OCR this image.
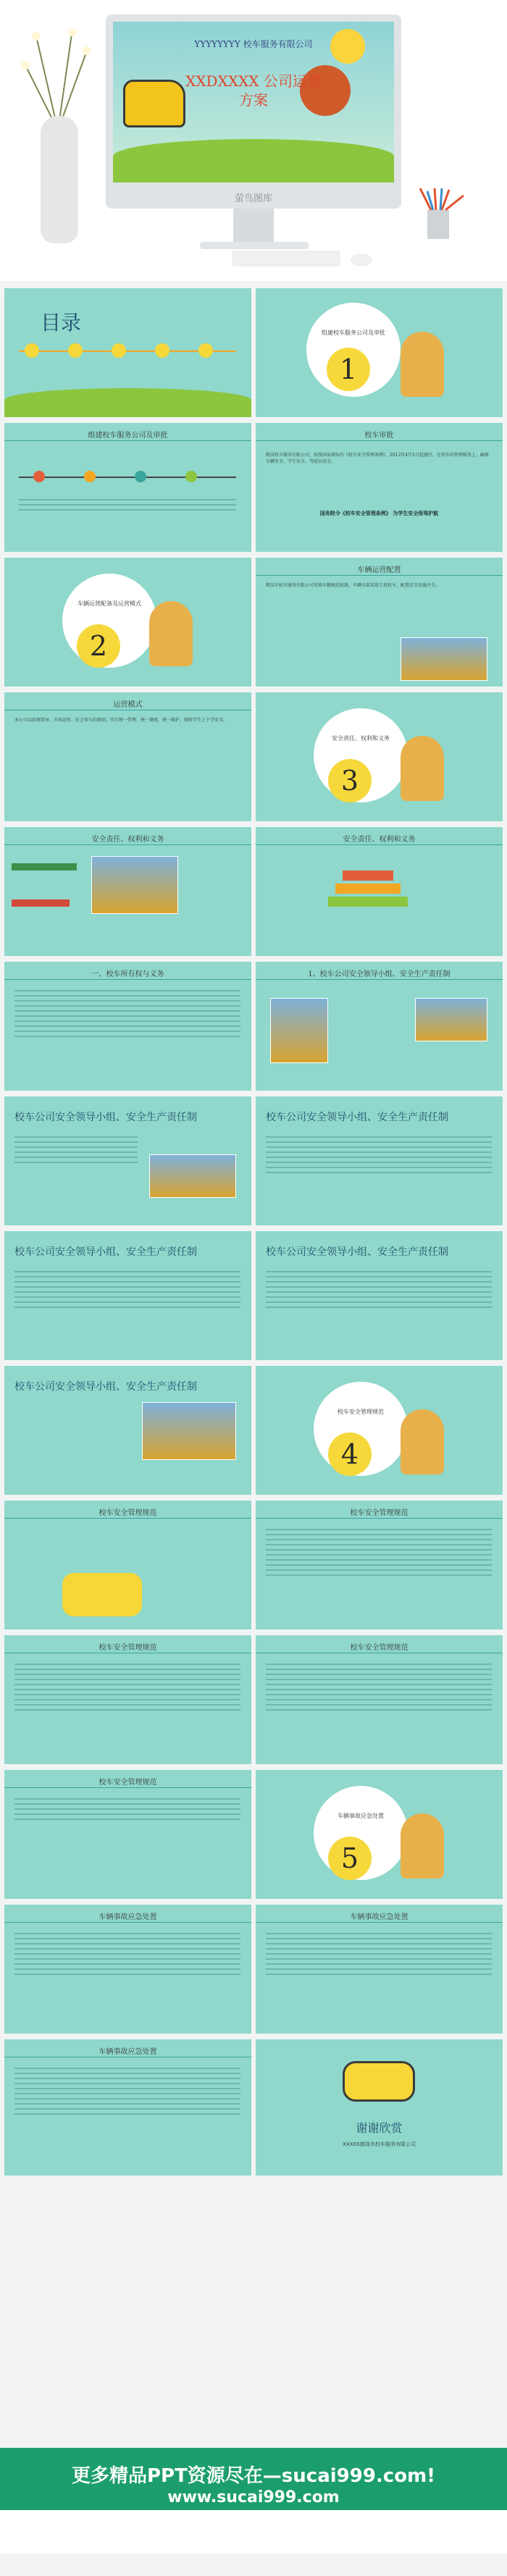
YYYYYYYY 校车服务有限公司
XXDXXXX 公司运营
方案
萤鸟图库
目录	组建校车服务公司及审批
1
组建校车服务公司及审批	校车审批
鹤岗校车服务有限公司，按照国家颁布的《校车安全管理条例》，2012年4月1日起施行，在校车的管理服务上，确保车辆安全、学生安全、驾驶员安全。
国务院令《校车安全管理条例》 为学生安全保驾护航
车辆运营配备及运营模式
2
车辆运营配置
鹤岗市校车服务有限公司采购车辆规范标准，车辆全部采用专用校车，配置安全设施齐全。
运营模式
本公司以政府指导、市场运作、社会参与的原则，实行统一管理、统一调度、统一维护，保障学生上下学安全。
安全责任、权利和义务
3
安全责任、权利和义务	安全责任、权利和义务
一、校车所有权与义务	1、校车公司安全领导小组、安全生产责任制
校车公司安全领导小组、安全生产责任制	校车公司安全领导小组、安全生产责任制
校车公司安全领导小组、安全生产责任制	校车公司安全领导小组、安全生产责任制
校车公司安全领导小组、安全生产责任制
校车安全管理规范
4
校车安全管理规范	校车安全管理规范
校车安全管理规范	校车安全管理规范
校车安全管理规范
车辆事故应急处置
5
车辆事故应急处置	车辆事故应急处置
车辆事故应急处置
谢谢欣赏
XXXXX鹤岗市校车服务有限公司
更多精品PPT资源尽在—sucai999.com!
www.sucai999.com
